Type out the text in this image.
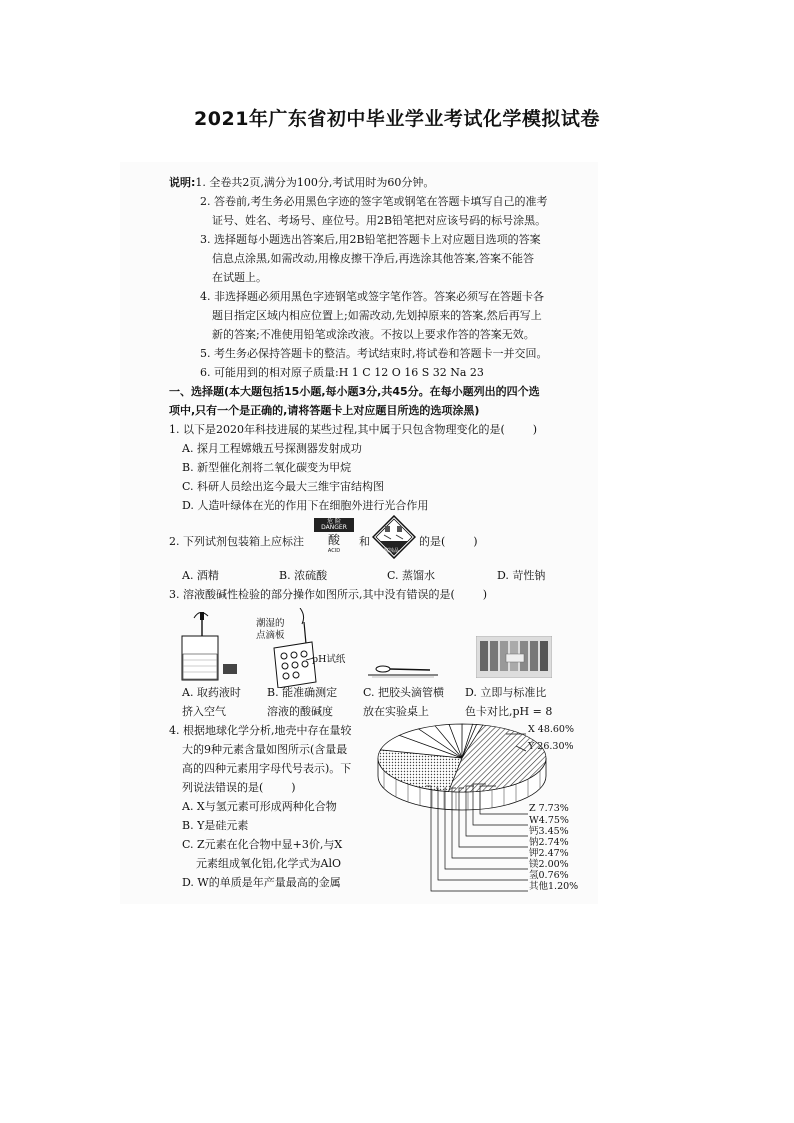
2021年广东省初中毕业学业考试化学模拟试卷
说明:1. 全卷共2页,满分为100分,考试用时为60分钟。
2. 答卷前,考生务必用黑色字迹的签字笔或钢笔在答题卡填写自己的准考
证号、姓名、考场号、座位号。用2B铅笔把对应该号码的标号涂黑。
3. 选择题每小题选出答案后,用2B铅笔把答题卡上对应题目选项的答案
信息点涂黑,如需改动,用橡皮擦干净后,再选涂其他答案,答案不能答
在试题上。
4. 非选择题必须用黑色字迹钢笔或签字笔作答。答案必须写在答题卡各
题目指定区域内相应位置上;如需改动,先划掉原来的答案,然后再写上
新的答案;不准使用铅笔或涂改液。不按以上要求作答的答案无效。
5. 考生务必保持答题卡的整洁。考试结束时,将试卷和答题卡一并交回。
6. 可能用到的相对原子质量:H 1 C 12 O 16 S 32 Na 23
一、选择题(本大题包括15小题,每小题3分,共45分。在每小题列出的四个选
项中,只有一个是正确的,请将答题卡上对应题目所选的选项涂黑)
1. 以下是2020年科技进展的某些过程,其中属于只包含物理变化的是(	)
A. 探月工程嫦娥五号探测器发射成功
B. 新型催化剂将二氧化碳变为甲烷
C. 科研人员绘出迄今最大三维宇宙结构图
D. 人造叶绿体在光的作用下在细胞外进行光合作用
2. 下列试剂包装箱上应标注
危 险
DANGER
酸
ACID
和
腐蚀品
的是(	)
A. 酒精	B. 浓硫酸	C. 蒸馏水	D. 苛性钠
3. 溶液酸碱性检验的部分操作如图所示,其中没有错误的是(	)
潮湿的
点滴板
pH试纸
A. 取药液时
挤入空气
B. 能准确测定
溶液的酸碱度
C. 把胶头滴管横
放在实验桌上
D. 立即与标准比
色卡对比,pH = 8
4. 根据地球化学分析,地壳中存在量较
大的9种元素含量如图所示(含量最
高的四种元素用字母代号表示)。下
列说法错误的是(	)
A. X与氢元素可形成两种化合物
B. Y是硅元素
C. Z元素在化合物中显+3价,与X
元素组成氧化铝,化学式为AlO
D. W的单质是年产量最高的金属
X 48.60%
Y 26.30%
Z 7.73%
W4.75%
钙3.45%
钠2.74%
钾2.47%
镁2.00%
氢0.76%
其他1.20%
